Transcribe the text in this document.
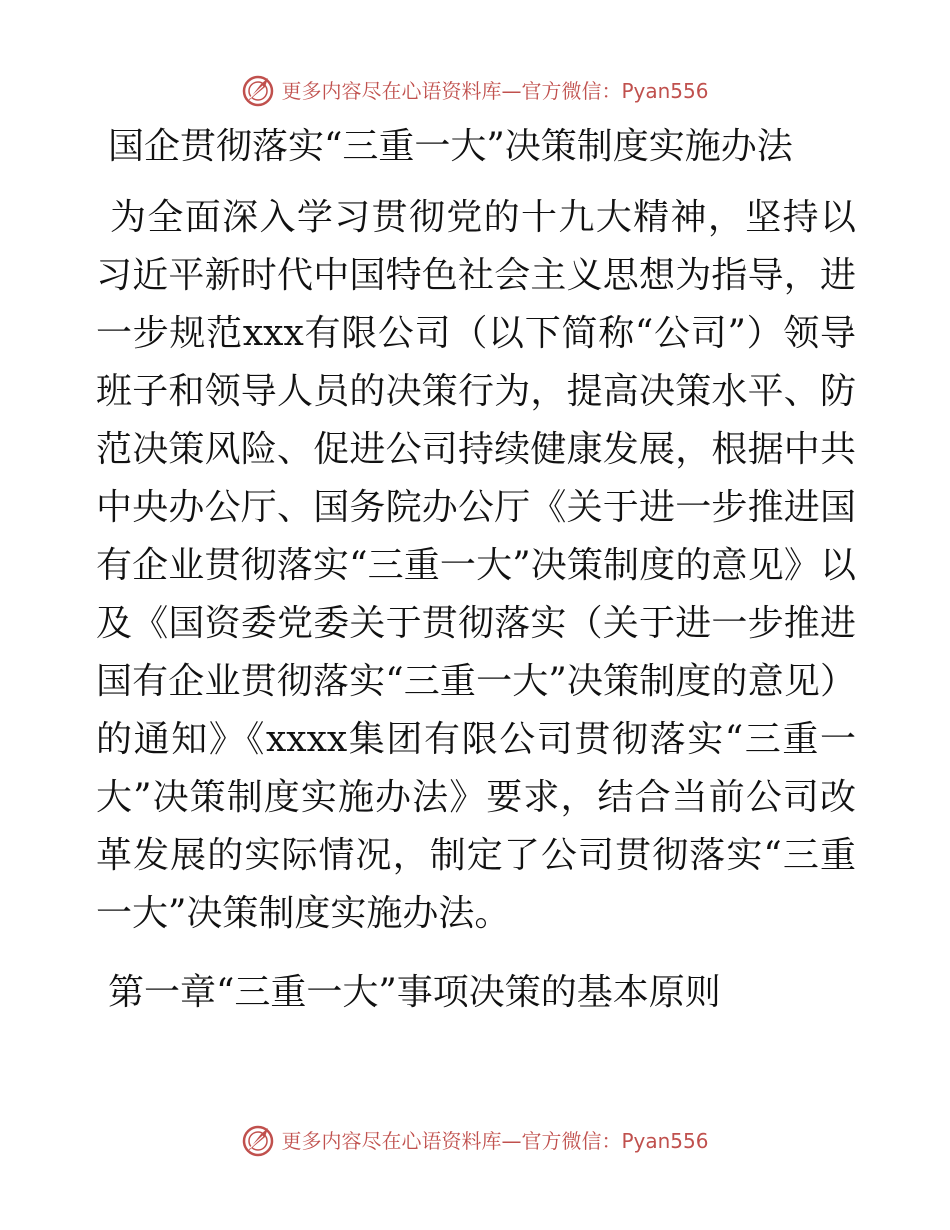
更多内容尽在心语资料库—官方微信：Pyan556
国企贯彻落实“三重一大”决策制度实施办法

为全面深入学习贯彻党的十九大精神，坚持以习近平新时代中国特色社会主义思想为指导，进一步规范xxx有限公司（以下简称“公司”）领导班子和领导人员的决策行为，提高决策水平、防范决策风险、促进公司持续健康发展，根据中共中央办公厅、国务院办公厅《关于进一步推进国有企业贯彻落实“三重一大”决策制度的意见》以及《国资委党委关于贯彻落实（关于进一步推进国有企业贯彻落实“三重一大”决策制度的意见）的通知》《xxxx集团有限公司贯彻落实“三重一大”决策制度实施办法》要求，结合当前公司改革发展的实际情况，制定了公司贯彻落实“三重一大”决策制度实施办法。

第一章“三重一大”事项决策的基本原则
更多内容尽在心语资料库—官方微信：Pyan556
